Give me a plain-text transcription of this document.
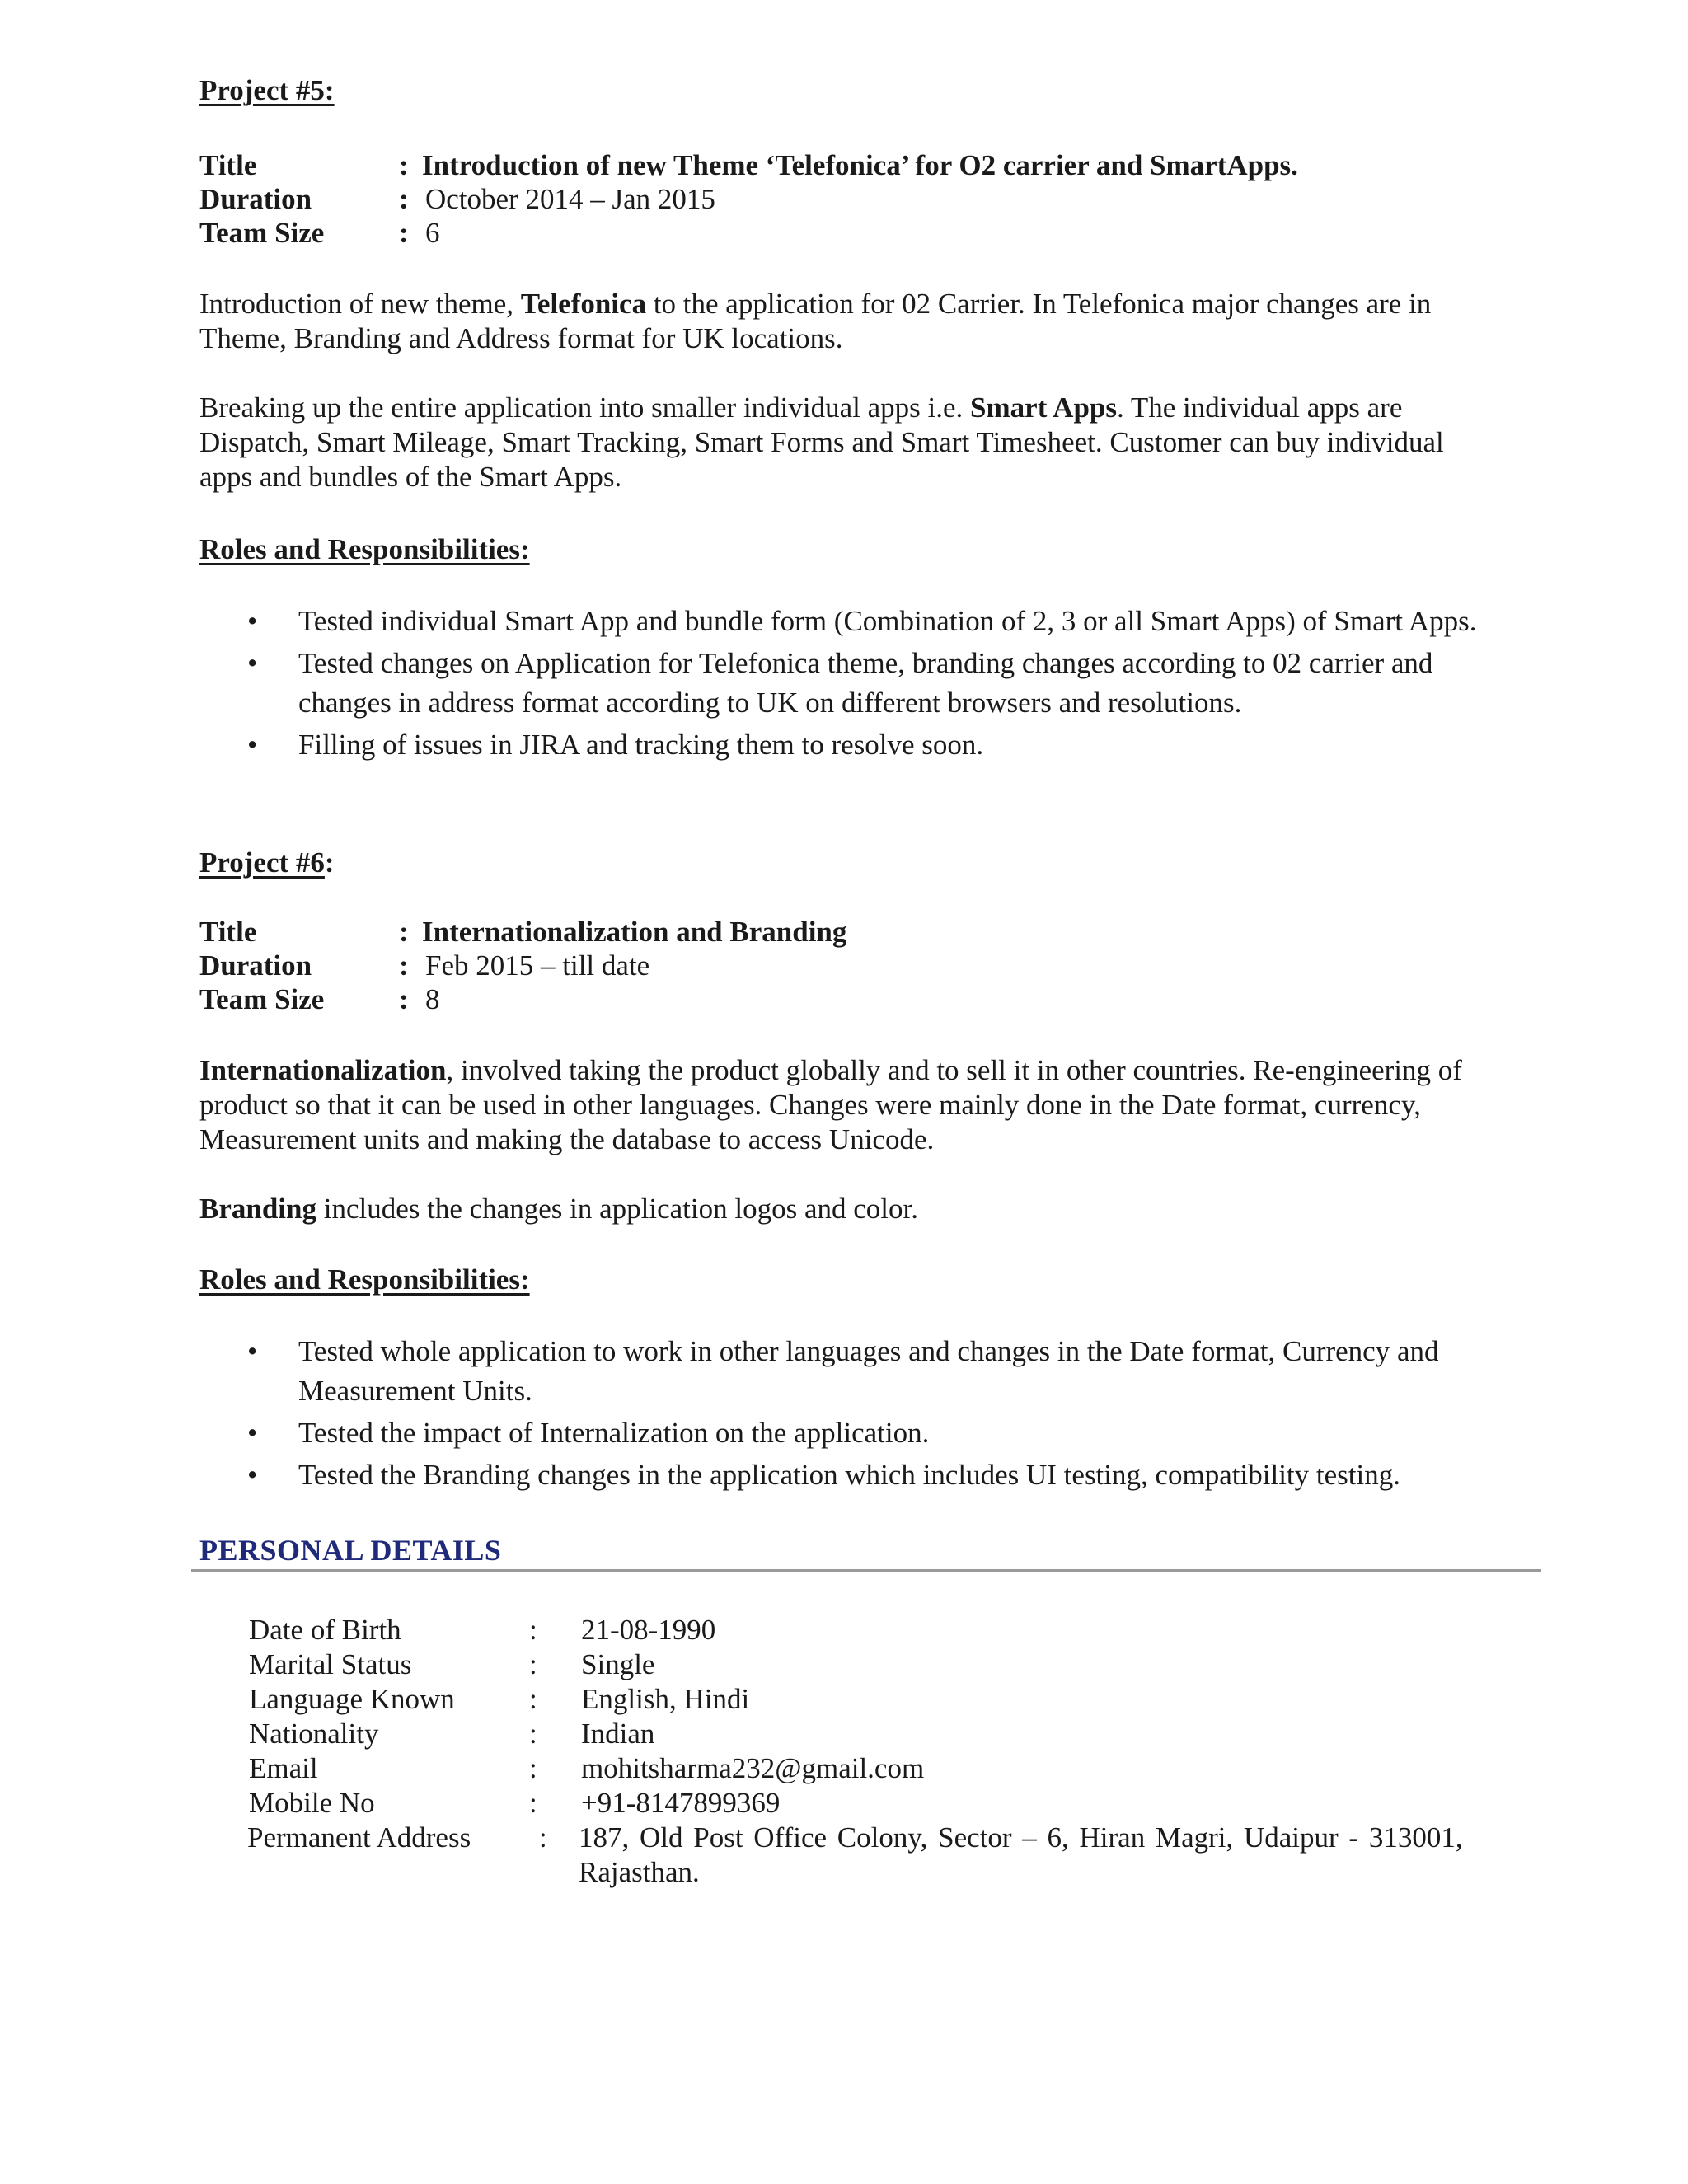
Project #5:
Title	: Introduction of new Theme ‘Telefonica’ for O2 carrier and SmartApps.
Duration	: October 2014 – Jan 2015
Team Size	: 6
Introduction of new theme, Telefonica to the application for 02 Carrier. In Telefonica major changes are in Theme, Branding and Address format for UK locations.
Breaking up the entire application into smaller individual apps i.e. Smart Apps. The individual apps are Dispatch, Smart Mileage, Smart Tracking, Smart Forms and Smart Timesheet. Customer can buy individual apps and bundles of the Smart Apps.
Roles and Responsibilities:
• Tested individual Smart App and bundle form (Combination of 2, 3 or all Smart Apps) of Smart Apps.
• Tested changes on Application for Telefonica theme, branding changes according to 02 carrier and changes in address format according to UK on different browsers and resolutions.
• Filling of issues in JIRA and tracking them to resolve soon.
Project #6:
Title	: Internationalization and Branding
Duration	: Feb 2015 – till date
Team Size	: 8
Internationalization, involved taking the product globally and to sell it in other countries. Re-engineering of product so that it can be used in other languages. Changes were mainly done in the Date format, currency, Measurement units and making the database to access Unicode.
Branding includes the changes in application logos and color.
Roles and Responsibilities:
• Tested whole application to work in other languages and changes in the Date format, Currency and Measurement Units.
• Tested the impact of Internalization on the application.
• Tested the Branding changes in the application which includes UI testing, compatibility testing.
PERSONAL DETAILS
Date of Birth	: 21-08-1990
Marital Status	: Single
Language Known	: English, Hindi
Nationality	: Indian
Email	: mohitsharma232@gmail.com
Mobile No	: +91-8147899369
Permanent Address : 187, Old Post Office Colony, Sector – 6, Hiran Magri, Udaipur - 313001,
Rajasthan.
